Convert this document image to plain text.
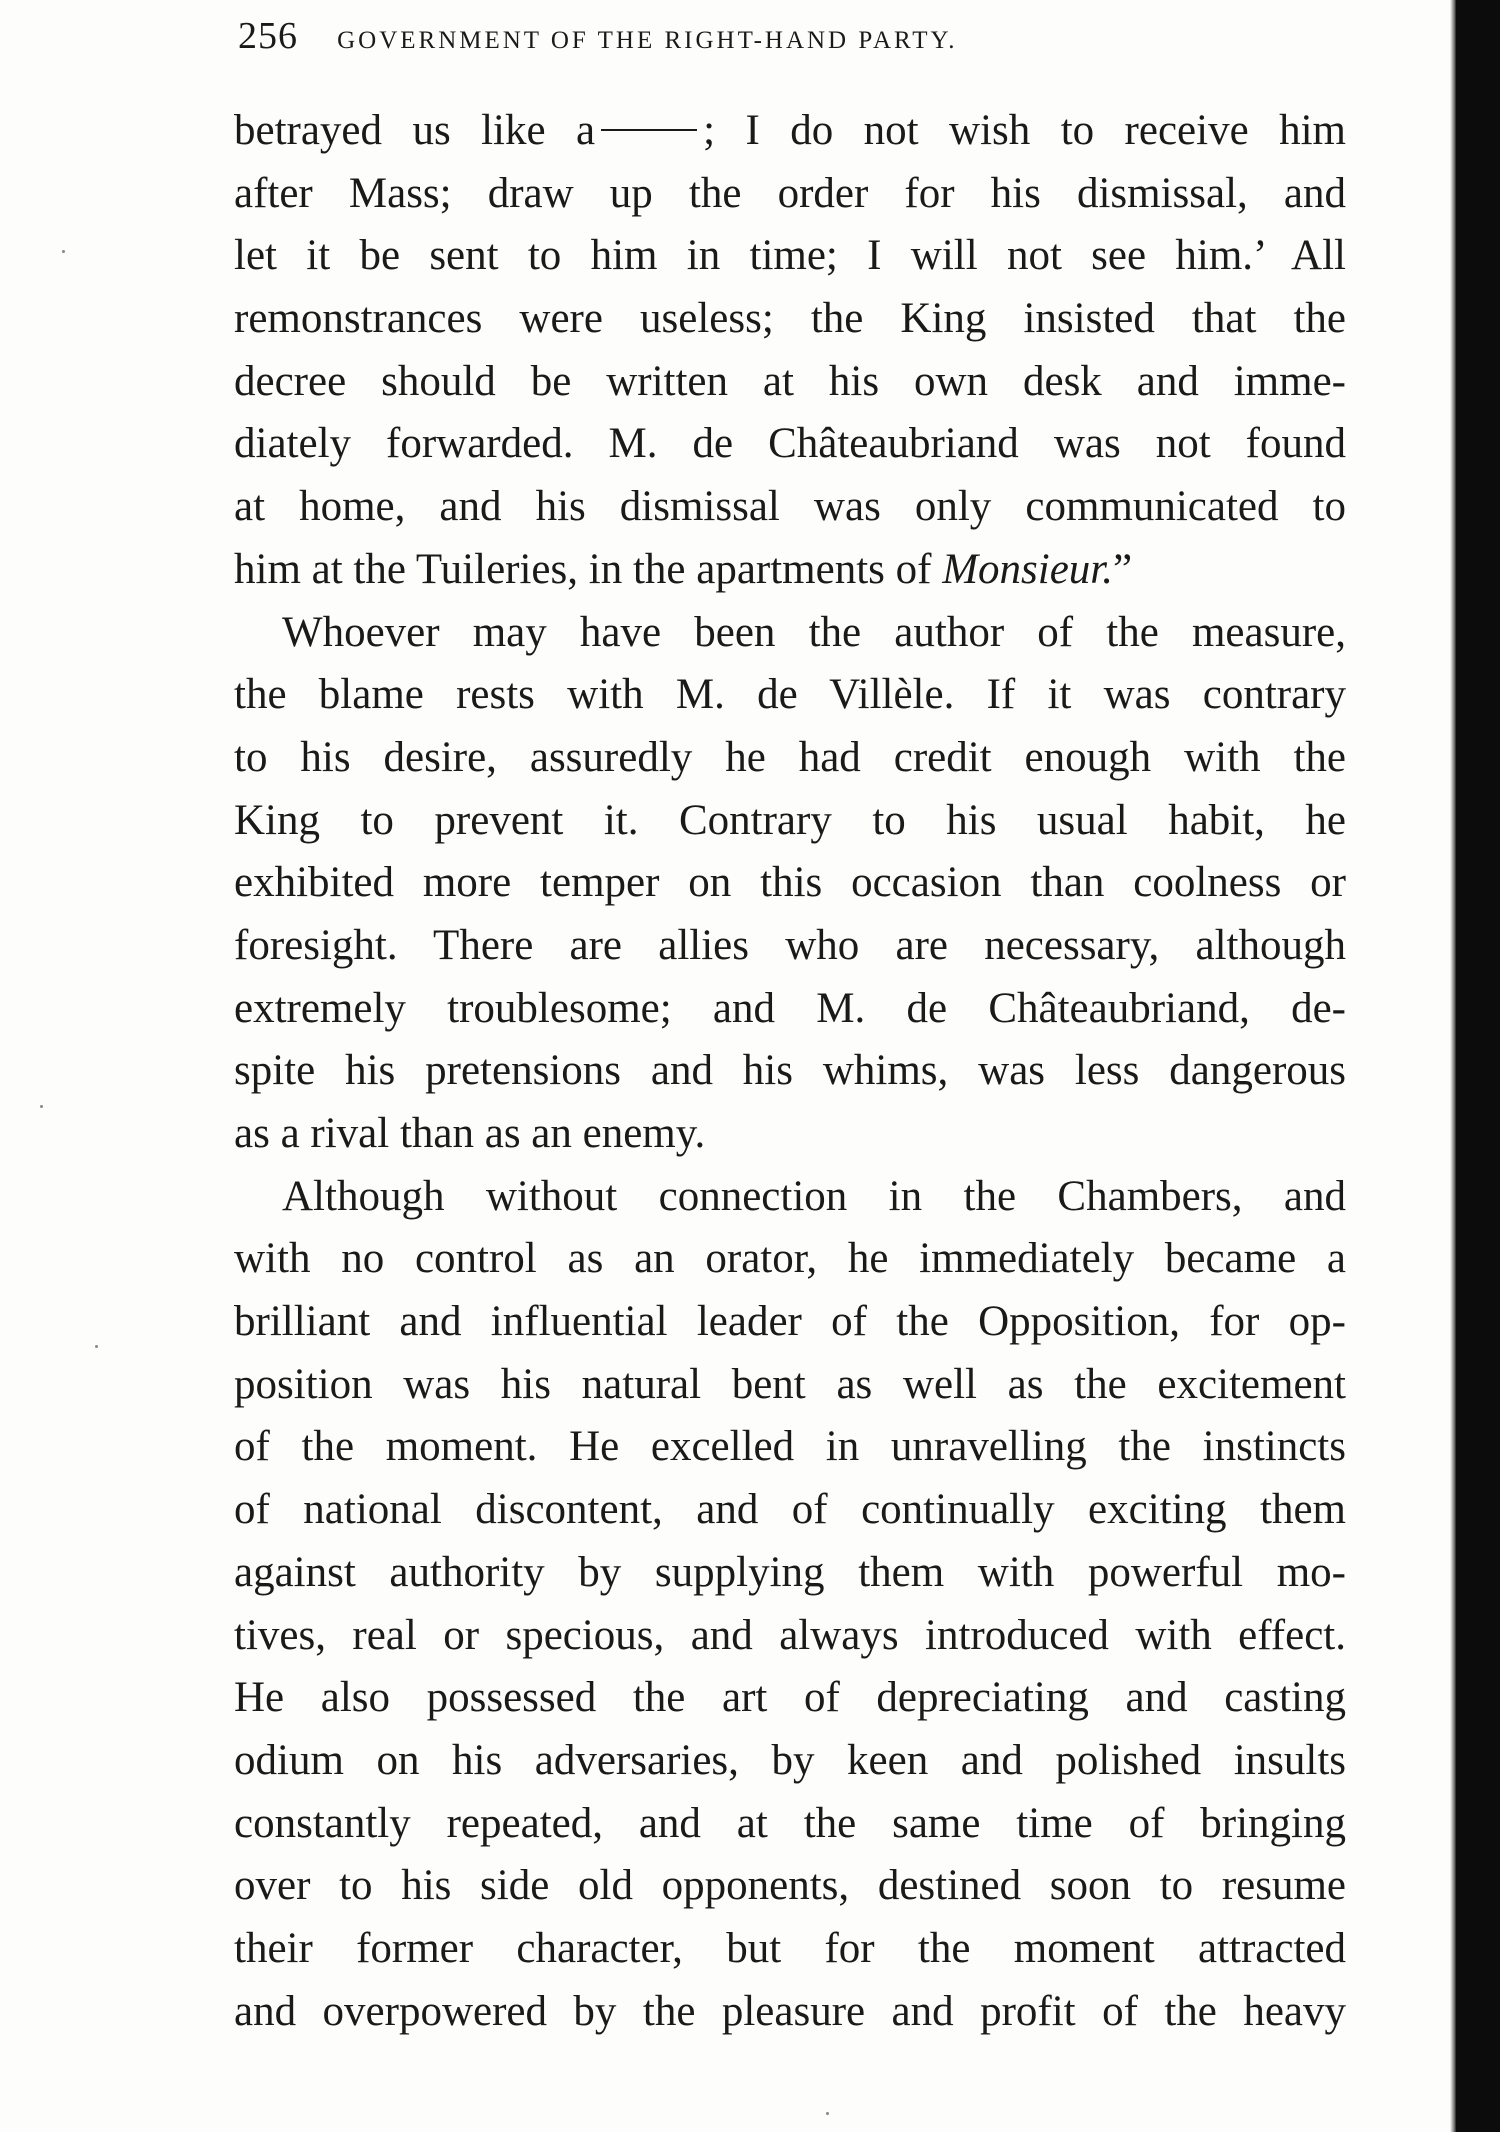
256 GOVERNMENT OF THE RIGHT-HAND PARTY.
betrayed us like a	; I do not wish to receive him
after Mass; draw up the order for his dismissal, and
let it be sent to him in time; I will not see him.’ All
remonstrances were useless; the King insisted that the
decree should be written at his own desk and imme-
diately forwarded. M. de Châteaubriand was not found
at home, and his dismissal was only communicated to
him at the Tuileries, in the apartments of Monsieur.”
Whoever may have been the author of the measure,
the blame rests with M. de Villèle. If it was contrary
to his desire, assuredly he had credit enough with the
King to prevent it. Contrary to his usual habit, he
exhibited more temper on this occasion than coolness or
foresight. There are allies who are necessary, although
extremely troublesome; and M. de Châteaubriand, de-
spite his pretensions and his whims, was less dangerous
as a rival than as an enemy.
Although without connection in the Chambers, and
with no control as an orator, he immediately became a
brilliant and influential leader of the Opposition, for op-
position was his natural bent as well as the excitement
of the moment. He excelled in unravelling the instincts
of national discontent, and of continually exciting them
against authority by supplying them with powerful mo-
tives, real or specious, and always introduced with effect.
He also possessed the art of depreciating and casting
odium on his adversaries, by keen and polished insults
constantly repeated, and at the same time of bringing
over to his side old opponents, destined soon to resume
their former character, but for the moment attracted
and overpowered by the pleasure and profit of the heavy
